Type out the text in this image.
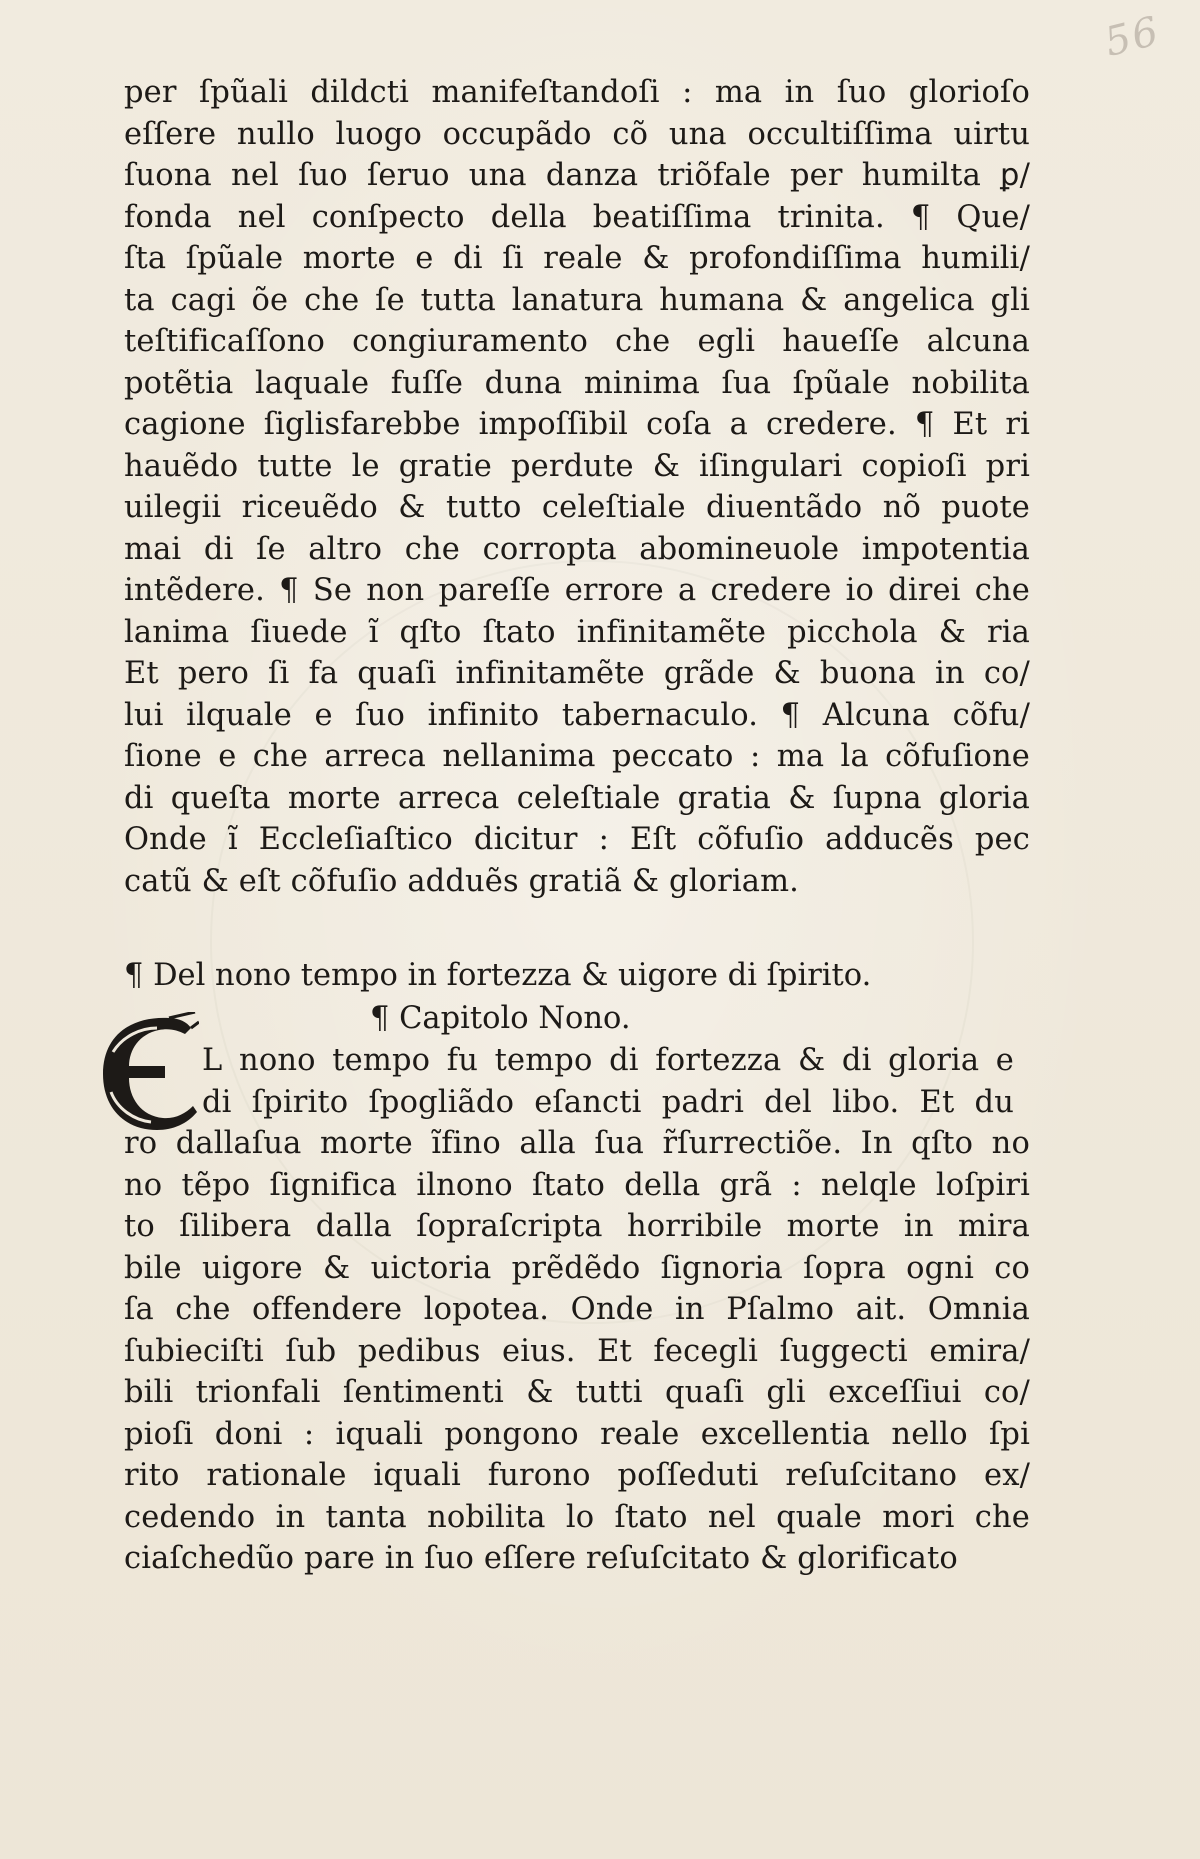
56
per ſpũali dildcti manifeſtandoſi : ma in ſuo glorioſo
eſſere nullo luogo occupãdo cõ una occultiſſima uirtu
ſuona nel ſuo ſeruo una danza triõfale per humilta ꝑ/
fonda nel conſpecto della beatiſſima trinita. ¶ Que/
ſta ſpũale morte e di ſi reale & profondiſſima humili/
ta cagi õe che ſe tutta lanatura humana & angelica gli
teſtificaſſono congiuramento che egli haueſſe alcuna
potẽtia laquale fuſſe duna minima ſua ſpũale nobilita
cagione ſiglisfarebbe impoſſibil coſa a credere. ¶ Et ri
hauẽdo tutte le gratie perdute & iſingulari copioſi pri
uilegii riceuẽdo & tutto celeſtiale diuentãdo nõ puote
mai di ſe altro che corropta abomineuole impotentia
intẽdere. ¶ Se non pareſſe errore a credere io direi che
lanima ſiuede ĩ qſto ſtato infinitamẽte picchola & ria
Et pero ſi fa quaſi infinitamẽte grãde & buona in co/
lui ilquale e ſuo infinito tabernaculo. ¶ Alcuna cõfu/
ſione e che arreca nellanima peccato : ma la cõfuſione
di queſta morte arreca celeſtiale gratia & ſupna gloria
Onde ĩ Eccleſiaſtico dicitur : Eſt cõfuſio adducẽs pec
catũ & eſt cõfuſio adduẽs gratiã & gloriam.
¶ Del nono tempo in fortezza & uigore di ſpirito.
¶ Capitolo Nono.
L nono tempo fu tempo di fortezza & di gloria e
di ſpirito ſpogliãdo eſancti padri del libo. Et du
ro dallaſua morte ĩfino alla ſua r̃ſurrectiõe. In qſto no
no tẽpo ſignifica ilnono ſtato della grã : nelqle loſpiri
to ſilibera dalla ſopraſcripta horribile morte in mira
bile uigore & uictoria prẽdẽdo ſignoria ſopra ogni co
ſa che offendere lopotea. Onde in Pſalmo ait. Omnia
ſubieciſti ſub pedibus eius. Et fecegli ſuggecti emira/
bili trionfali ſentimenti & tutti quaſi gli exceſſiui co/
pioſi doni : iquali pongono reale excellentia nello ſpi
rito rationale iquali furono poſſeduti reſuſcitano ex/
cedendo in tanta nobilita lo ſtato nel quale mori che
ciaſchedũo pare in ſuo eſſere reſuſcitato & glorificato
